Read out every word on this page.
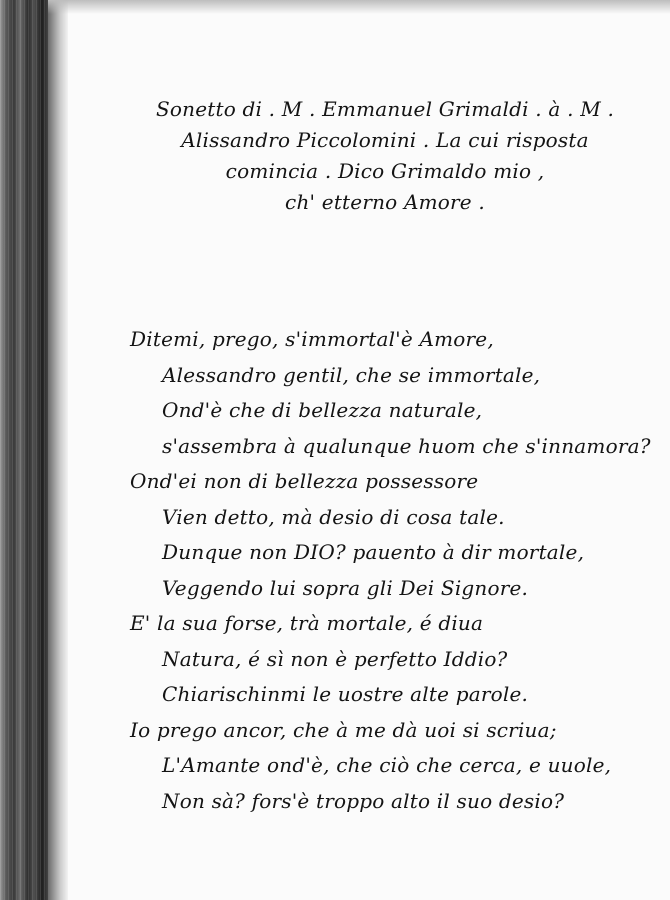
Sonetto di . M . Emmanuel Grimaldi . à . M .
Alissandro Piccolomini . La cui risposta
comincia . Dico Grimaldo mio ,
ch' etterno Amore .
Ditemi, prego, s'immortal'è Amore,
Alessandro gentil, che se immortale,
Ond'è che di bellezza naturale,
s'assembra à qualunque huom che s'innamora?
Ond'ei non di bellezza possessore
Vien detto, mà desio di cosa tale.
Dunque non DIO? pauento à dir mortale,
Veggendo lui sopra gli Dei Signore.
E' la sua forse, trà mortale, é diua
Natura, é sì non è perfetto Iddio?
Chiarischinmi le uostre alte parole.
Io prego ancor, che à me dà uoi si scriua;
L'Amante ond'è, che ciò che cerca, e uuole,
Non sà? fors'è troppo alto il suo desio?
